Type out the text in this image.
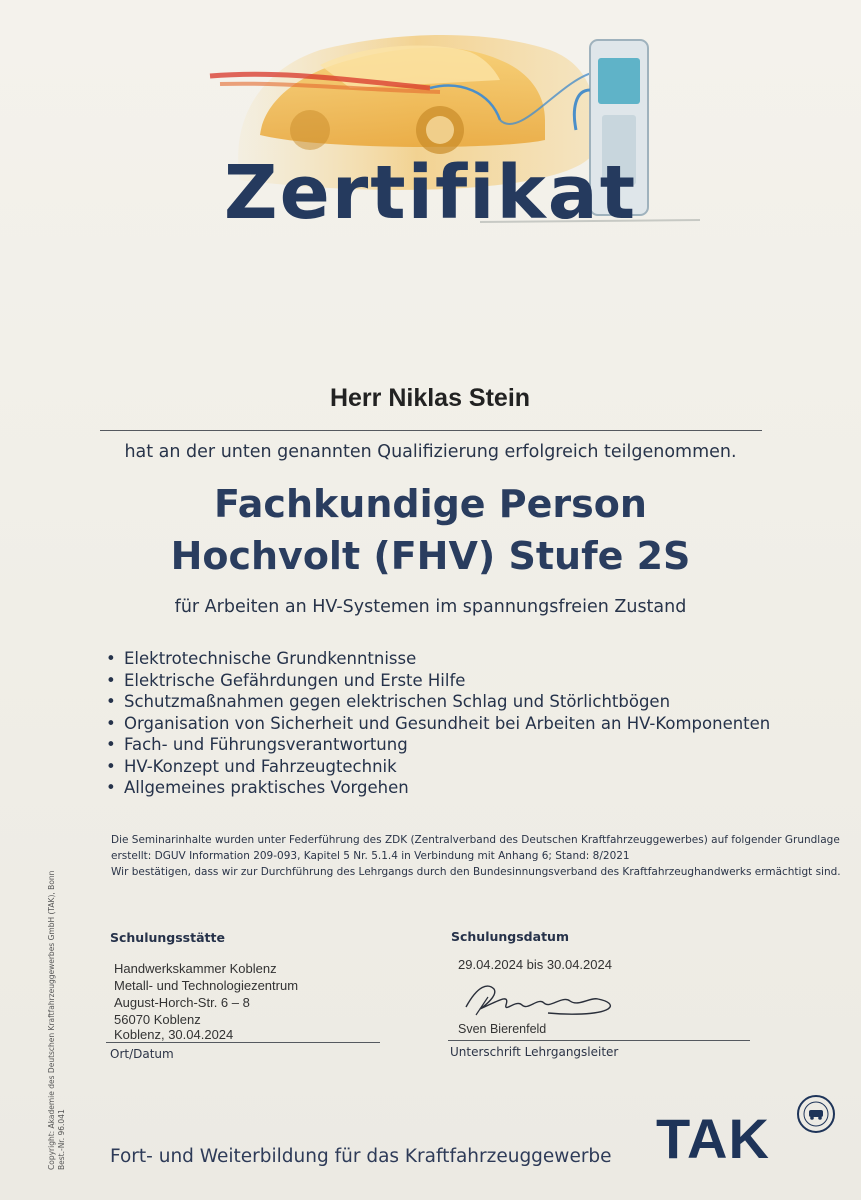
Zertifikat
Herr Niklas Stein
hat an der unten genannten Qualifizierung erfolgreich teilgenommen.
Fachkundige Person
Hochvolt (FHV) Stufe 2S
für Arbeiten an HV-Systemen im spannungsfreien Zustand
• Elektrotechnische Grundkenntnisse
• Elektrische Gefährdungen und Erste Hilfe
• Schutzmaßnahmen gegen elektrischen Schlag und Störlichtbögen
• Organisation von Sicherheit und Gesundheit bei Arbeiten an HV-Komponenten
• Fach- und Führungsverantwortung
• HV-Konzept und Fahrzeugtechnik
• Allgemeines praktisches Vorgehen
Die Seminarinhalte wurden unter Federführung des ZDK (Zentralverband des Deutschen Kraftfahrzeuggewerbes) auf folgender Grundlage
erstellt: DGUV Information 209-093, Kapitel 5 Nr. 5.1.4 in Verbindung mit Anhang 6; Stand: 8/2021
Wir bestätigen, dass wir zur Durchführung des Lehrgangs durch den Bundesinnungsverband des Kraftfahrzeughandwerks ermächtigt sind.
Copyright: Akademie des Deutschen Kraftfahrzeuggewerbes GmbH (TAK), Bonn Best.-Nr. 96.041
Schulungsstätte
Handwerkskammer Koblenz
Metall- und Technologiezentrum
August-Horch-Str. 6 – 8
56070 Koblenz
Koblenz, 30.04.2024
Ort/Datum
Schulungsdatum
29.04.2024 bis 30.04.2024
Sven Bierenfeld
Unterschrift Lehrgangsleiter
Fort- und Weiterbildung für das Kraftfahrzeuggewerbe TAK
